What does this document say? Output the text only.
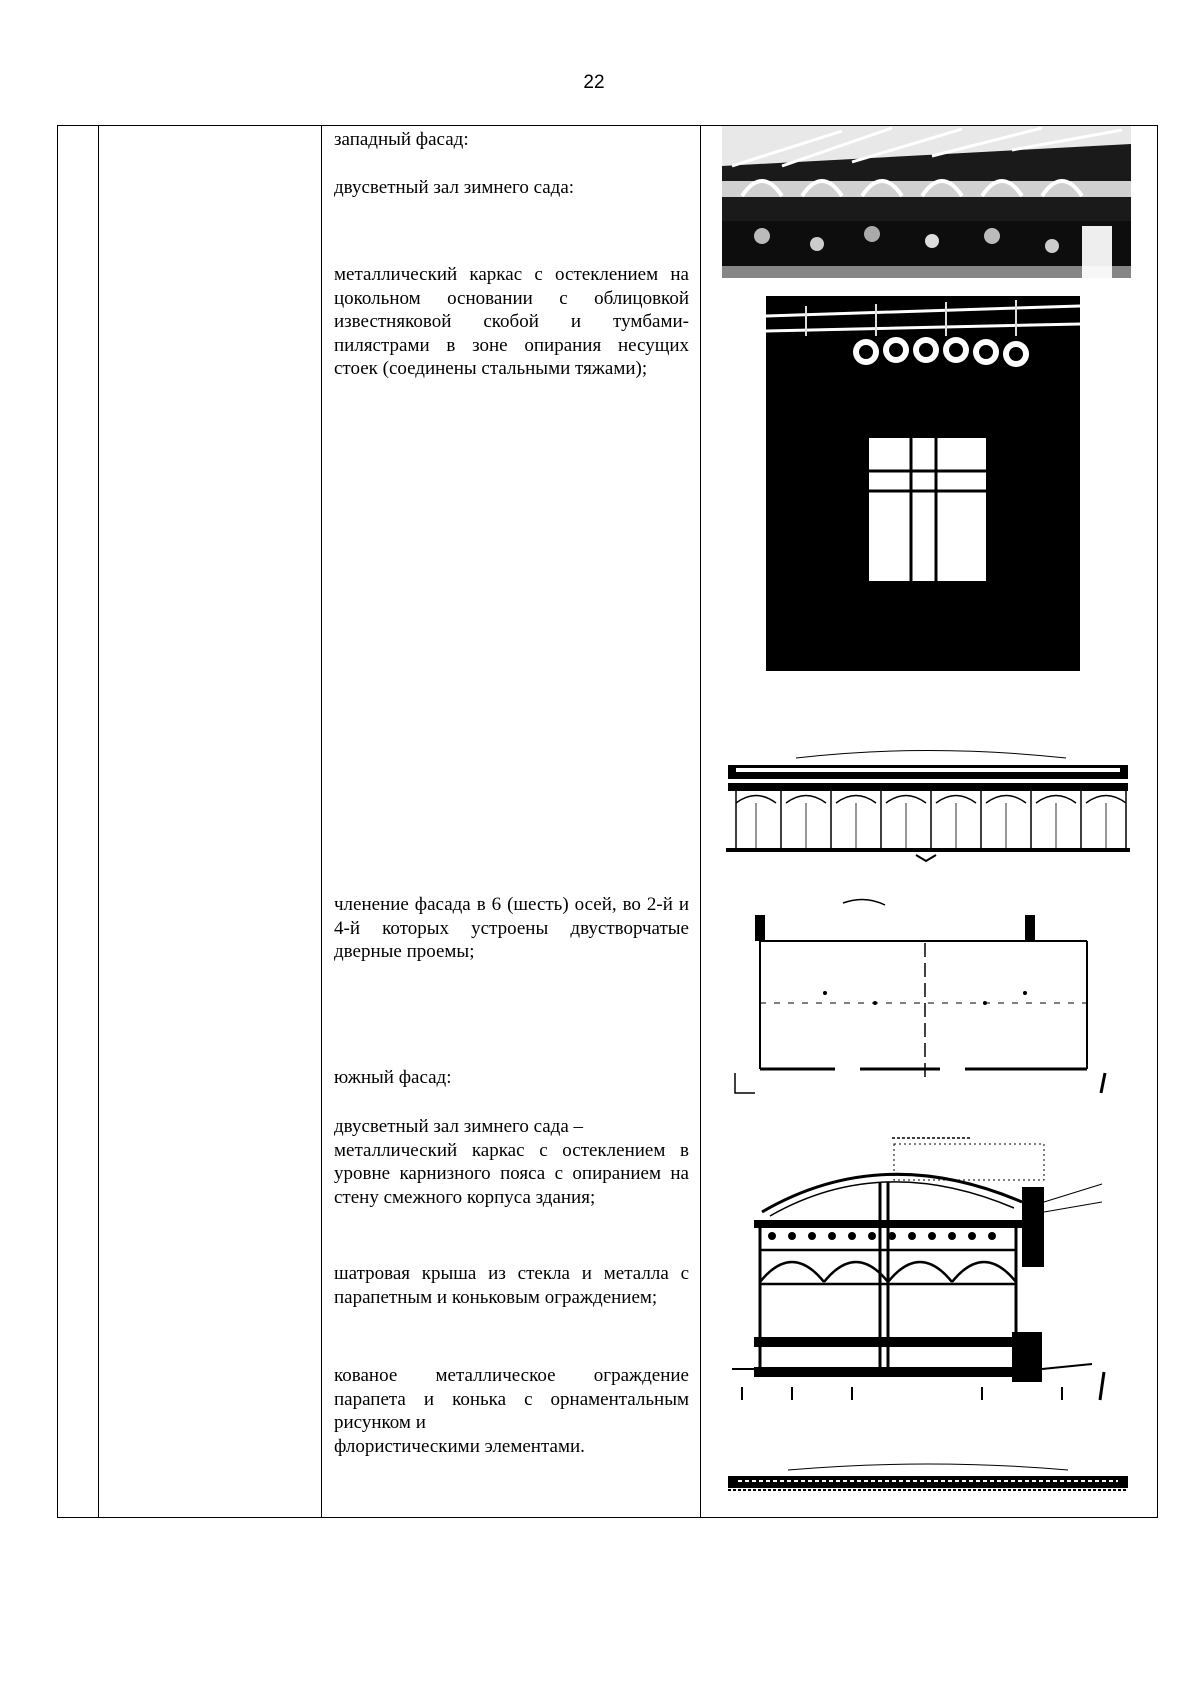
22

западный фасад:

двусветный зал зимнего сада:

металлический каркас с остеклением на цокольном основании с облицовкой известняковой скобой и тумбами-пилястрами в зоне опирания несущих стоек (соединены стальными тяжами);

членение фасада в 6 (шесть) осей, во 2-й и 4-й которых устроены двустворчатые дверные проемы;

южный фасад:

двусветный зал зимнего сада –

металлический каркас с остеклением в уровне карнизного пояса с опиранием на стену смежного корпуса здания;

шатровая крыша из стекла и металла с парапетным и коньковым ограждением;

кованое металлическое ограждение парапета и конька с орнаментальным рисунком и

флористическими элементами.
